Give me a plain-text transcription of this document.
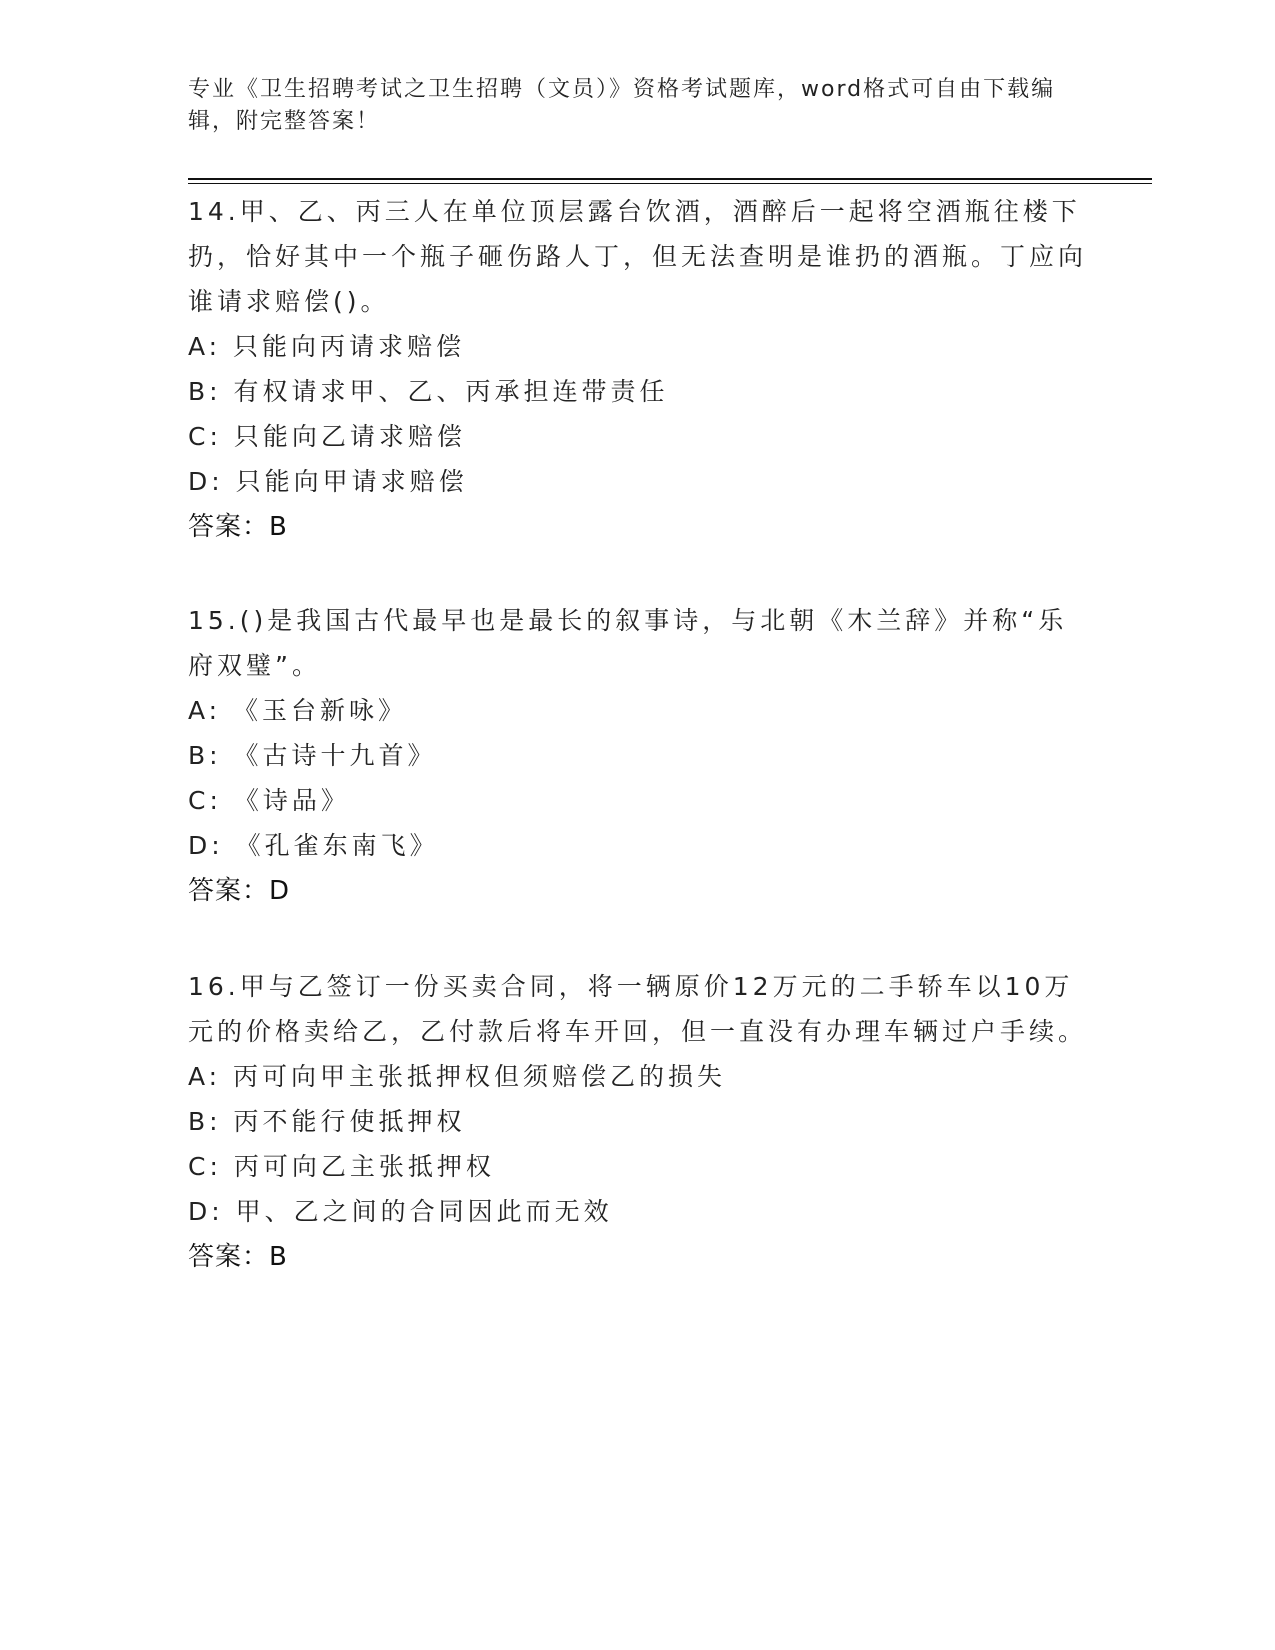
专业《卫生招聘考试之卫生招聘（文员）》资格考试题库，word格式可自由下载编辑，附完整答案！
14.甲、乙、丙三人在单位顶层露台饮酒，酒醉后一起将空酒瓶往楼下扔，恰好其中一个瓶子砸伤路人丁，但无法查明是谁扔的酒瓶。丁应向谁请求赔偿()。
A: 只能向丙请求赔偿
B: 有权请求甲、乙、丙承担连带责任
C: 只能向乙请求赔偿
D: 只能向甲请求赔偿
答案：B
15.()是我国古代最早也是最长的叙事诗，与北朝《木兰辞》并称“乐府双璧”。
A: 《玉台新咏》
B: 《古诗十九首》
C: 《诗品》
D: 《孔雀东南飞》
答案：D
16.甲与乙签订一份买卖合同，将一辆原价12万元的二手轿车以10万元的价格卖给乙，乙付款后将车开回，但一直没有办理车辆过户手续。
A: 丙可向甲主张抵押权但须赔偿乙的损失
B: 丙不能行使抵押权
C: 丙可向乙主张抵押权
D: 甲、乙之间的合同因此而无效
答案：B
